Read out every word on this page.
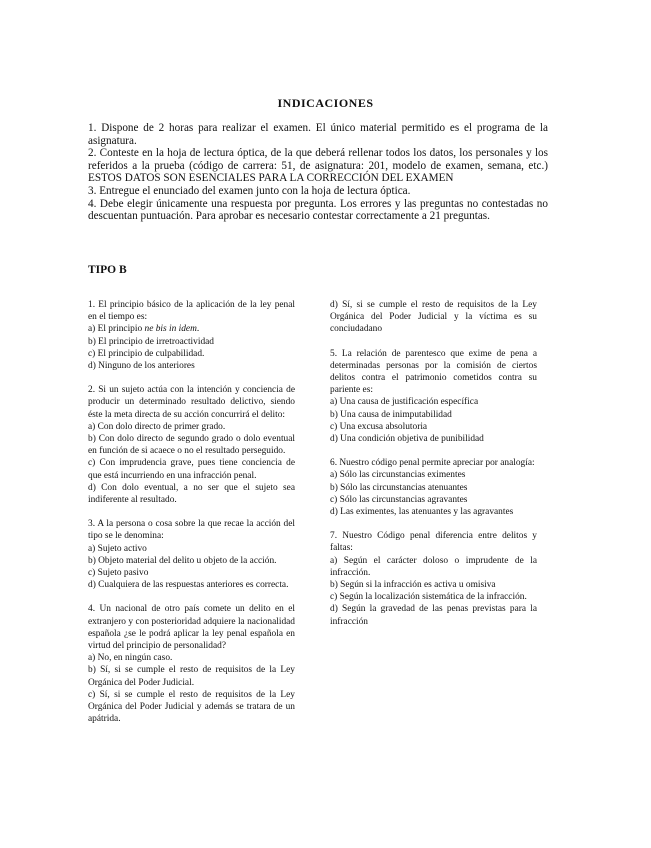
INDICACIONES

1. Dispone de 2 horas para realizar el examen. El único material permitido es el programa de la asignatura.

2. Conteste en la hoja de lectura óptica, de la que deberá rellenar todos los datos, los personales y los referidos a la prueba (código de carrera: 51, de asignatura: 201, modelo de examen, semana, etc.) ESTOS DATOS SON ESENCIALES PARA LA CORRECCIÓN DEL EXAMEN

3. Entregue el enunciado del examen junto con la hoja de lectura óptica.

4. Debe elegir únicamente una respuesta por pregunta. Los errores y las preguntas no contestadas no descuentan puntuación. Para aprobar es necesario contestar correctamente a 21 preguntas.

TIPO B

1. El principio básico de la aplicación de la ley penal en el tiempo es:

a) El principio ne bis in idem.

b) El principio de irretroactividad

c) El principio de culpabilidad.

d) Ninguno de los anteriores

2. Si un sujeto actúa con la intención y conciencia de producir un determinado resultado delictivo, siendo éste la meta directa de su acción concurrirá el delito:

a) Con dolo directo de primer grado.

b) Con dolo directo de segundo grado o dolo eventual en función de si acaece o no el resultado perseguido.

c) Con imprudencia grave, pues tiene conciencia de que está incurriendo en una infracción penal.

d) Con dolo eventual, a no ser que el sujeto sea indiferente al resultado.

3. A la persona o cosa sobre la que recae la acción del tipo se le denomina:

a) Sujeto activo

b) Objeto material del delito u objeto de la acción.

c) Sujeto pasivo

d) Cualquiera de las respuestas anteriores es correcta.

4. Un nacional de otro país comete un delito en el extranjero y con posterioridad adquiere la nacionalidad española ¿se le podrá aplicar la ley penal española en virtud del principio de personalidad?

a) No, en ningún caso.

b) Sí, si se cumple el resto de requisitos de la Ley Orgánica del Poder Judicial.

c) Sí, si se cumple el resto de requisitos de la Ley Orgánica del Poder Judicial y además se tratara de un apátrida.

d) Sí, si se cumple el resto de requisitos de la Ley Orgánica del Poder Judicial y la víctima es su conciudadano

5. La relación de parentesco que exime de pena a determinadas personas por la comisión de ciertos delitos contra el patrimonio cometidos contra su pariente es:

a) Una causa de justificación específica

b) Una causa de inimputabilidad

c) Una excusa absolutoria

d) Una condición objetiva de punibilidad

6. Nuestro código penal permite apreciar por analogía:

a) Sólo las circunstancias eximentes

b) Sólo las circunstancias atenuantes

c) Sólo las circunstancias agravantes

d) Las eximentes, las atenuantes y las agravantes

7. Nuestro Código penal diferencia entre delitos y faltas:

a) Según el carácter doloso o imprudente de la infracción.

b) Según si la infracción es activa u omisiva

c) Según la localización sistemática de la infracción.

d) Según la gravedad de las penas previstas para la infracción
